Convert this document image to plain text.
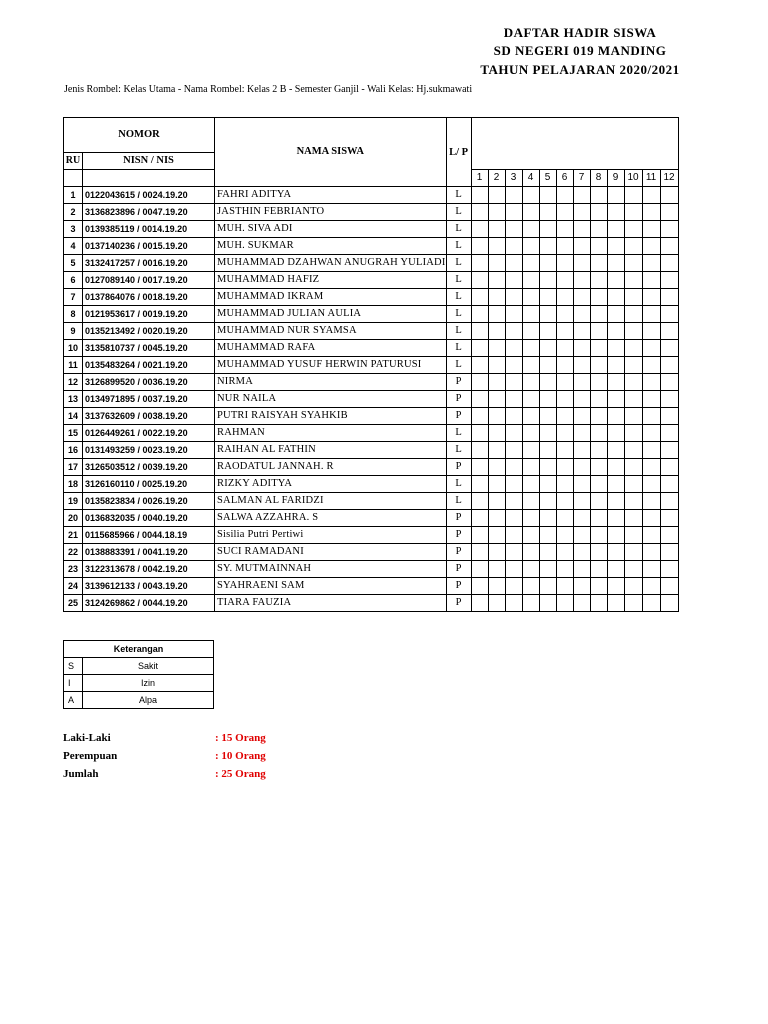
DAFTAR HADIR SISWA
SD NEGERI 019 MANDING
TAHUN PELAJARAN 2020/2021
Jenis Rombel: Kelas Utama - Nama Rombel: Kelas 2 B - Semester Ganjil - Wali Kelas: Hj.sukmawati
NOMOR		NAMA SISWA	L/ P												
RU	NISN / NIS														
				1	2	3	4	5	6	7	8	9	10	11	12
1	0122043615 / 0024.19.20	FAHRI ADITYA	L												
2	3136823896 / 0047.19.20	JASTHIN FEBRIANTO	L												
3	0139385119 / 0014.19.20	MUH. SIVA ADI	L												
4	0137140236 / 0015.19.20	MUH. SUKMAR	L												
5	3132417257 / 0016.19.20	MUHAMMAD DZAHWAN ANUGRAH YULIADI	L												
6	0127089140 / 0017.19.20	MUHAMMAD HAFIZ	L												
7	0137864076 / 0018.19.20	MUHAMMAD IKRAM	L												
8	0121953617 / 0019.19.20	MUHAMMAD JULIAN AULIA	L												
9	0135213492 / 0020.19.20	MUHAMMAD NUR SYAMSA	L												
10	3135810737 / 0045.19.20	MUHAMMAD RAFA	L												
11	0135483264 / 0021.19.20	MUHAMMAD YUSUF HERWIN PATURUSI	L												
12	3126899520 / 0036.19.20	NIRMA	P												
13	0134971895 / 0037.19.20	NUR NAILA	P												
14	3137632609 / 0038.19.20	PUTRI RAISYAH SYAHKIB	P												
15	0126449261 / 0022.19.20	RAHMAN	L												
16	0131493259 / 0023.19.20	RAIHAN AL FATHIN	L												
17	3126503512 / 0039.19.20	RAODATUL JANNAH. R	P												
18	3126160110 / 0025.19.20	RIZKY ADITYA	L												
19	0135823834 / 0026.19.20	SALMAN AL FARIDZI	L												
20	0136832035 / 0040.19.20	SALWA AZZAHRA. S	P												
21	0115685966 / 0044.18.19	Sisilia Putri Pertiwi	P												
22	0138883391 / 0041.19.20	SUCI RAMADANI	P												
23	3122313678 / 0042.19.20	SY. MUTMAINNAH	P												
24	3139612133 / 0043.19.20	SYAHRAENI SAM	P												
25	3124269862 / 0044.19.20	TIARA FAUZIA	P												
Keterangan	
S	Sakit
I	Izin
A	Alpa
Laki-Laki	: 15 Orang
Perempuan	: 10 Orang
Jumlah	: 25 Orang
